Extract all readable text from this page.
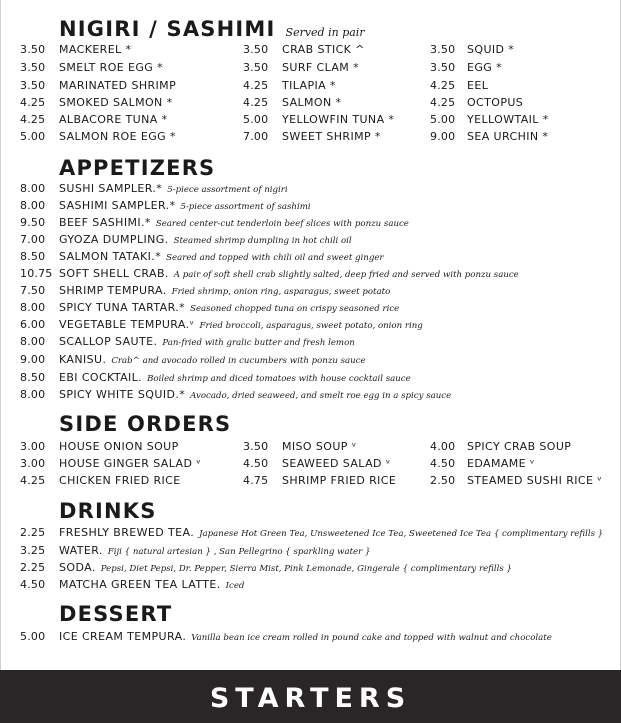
NIGIRI / SASHIMI Served in pair
3.50 MACKEREL *
3.50 SMELT ROE EGG *
3.50 MARINATED SHRIMP
4.25 SMOKED SALMON *
4.25 ALBACORE TUNA *
5.00 SALMON ROE EGG *
3.50 CRAB STICK ^
3.50 SURF CLAM *
4.25 TILAPIA *
4.25 SALMON *
5.00 YELLOWFIN TUNA *
7.00 SWEET SHRIMP *
3.50 SQUID *
3.50 EGG *
4.25 EEL
4.25 OCTOPUS
5.00 YELLOWTAIL *
9.00 SEA URCHIN *
APPETIZERS
8.00 SUSHI SAMPLER.* 5-piece assortment of nigiri
8.00 SASHIMI SAMPLER.* 5-piece assortment of sashimi
9.50 BEEF SASHIMI.* Seared center-cut tenderloin beef slices with ponzu sauce
7.00 GYOZA DUMPLING. Steamed shrimp dumpling in hot chili oil
8.50 SALMON TATAKI.* Seared and topped with chili oil and sweet ginger
10.75 SOFT SHELL CRAB. A pair of soft shell crab slightly salted, deep fried and served with ponzu sauce
7.50 SHRIMP TEMPURA. Fried shrimp, onion ring, asparagus, sweet potato
8.00 SPICY TUNA TARTAR.* Seasoned chopped tuna on crispy seasoned rice
6.00 VEGETABLE TEMPURA.ᵛ Fried broccoli, asparagus, sweet potato, onion ring
8.00 SCALLOP SAUTE. Pan-fried with gralic butter and fresh lemon
9.00 KANISU. Crab^ and avocado rolled in cucumbers with ponzu sauce
8.50 EBI COCKTAIL. Boiled shrimp and diced tomatoes with house cocktail sauce
8.00 SPICY WHITE SQUID.* Avocado, dried seaweed, and smelt roe egg in a spicy sauce
SIDE ORDERS
3.00 HOUSE ONION SOUP
3.00 HOUSE GINGER SALAD ᵛ
4.25 CHICKEN FRIED RICE
3.50 MISO SOUP ᵛ
4.50 SEAWEED SALAD ᵛ
4.75 SHRIMP FRIED RICE
4.00 SPICY CRAB SOUP
4.50 EDAMAME ᵛ
2.50 STEAMED SUSHI RICE ᵛ
DRINKS
2.25 FRESHLY BREWED TEA. Japanese Hot Green Tea, Unsweetened Ice Tea, Sweetened Ice Tea { complimentary refills }
3.25 WATER. Fiji { natural artesian } , San Pellegrino { sparkling water }
2.25 SODA. Pepsi, Diet Pepsi, Dr. Pepper, Sierra Mist, Pink Lemonade, Gingerale { complimentary refills }
4.50 MATCHA GREEN TEA LATTE. Iced
DESSERT
5.00 ICE CREAM TEMPURA. Vanilla bean ice cream rolled in pound cake and topped with walnut and chocolate
STARTERS
